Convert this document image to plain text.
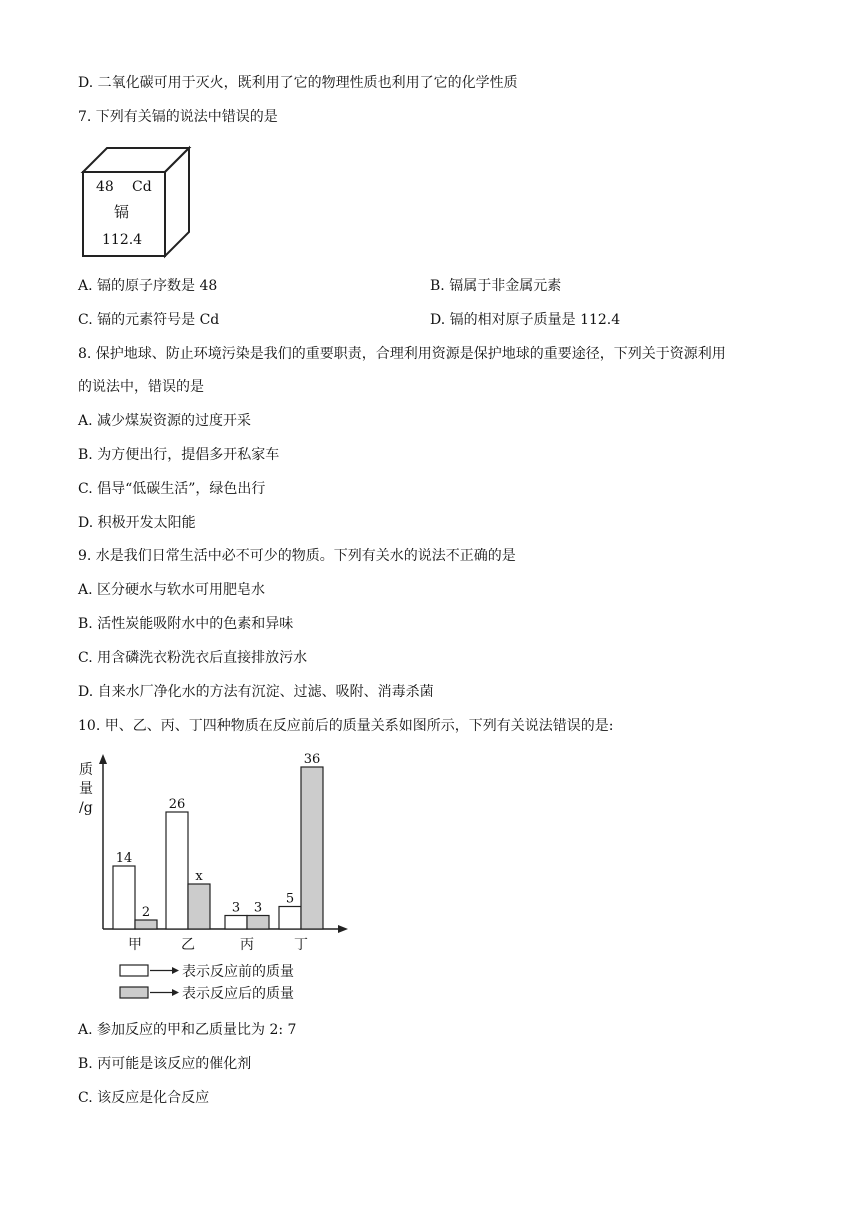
D. 二氧化碳可用于灭火，既利用了它的物理性质也利用了它的化学性质
7. 下列有关镉的说法中错误的是
48 Cd
镉
112.4
A. 镉的原子序数是 48	B. 镉属于非金属元素
C. 镉的元素符号是 Cd	D. 镉的相对原子质量是 112.4
8. 保护地球、防止环境污染是我们的重要职责，合理利用资源是保护地球的重要途径，下列关于资源利用
的说法中，错误的是
A. 减少煤炭资源的过度开采
B. 为方便出行，提倡多开私家车
C. 倡导“低碳生活”，绿色出行
D. 积极开发太阳能
9. 水是我们日常生活中必不可少的物质。下列有关水的说法不正确的是
A. 区分硬水与软水可用肥皂水
B. 活性炭能吸附水中的色素和异味
C. 用含磷洗衣粉洗衣后直接排放污水
D. 自来水厂净化水的方法有沉淀、过滤、吸附、消毒杀菌
10. 甲、乙、丙、丁四种物质在反应前后的质量关系如图所示，下列有关说法错误的是:
质
量
/g
14
2
甲
26
x
乙
3 3
丙
5
36
丁
表示反应前的质量
表示反应后的质量
A. 参加反应的甲和乙质量比为 2: 7
B. 丙可能是该反应的催化剂
C. 该反应是化合反应
